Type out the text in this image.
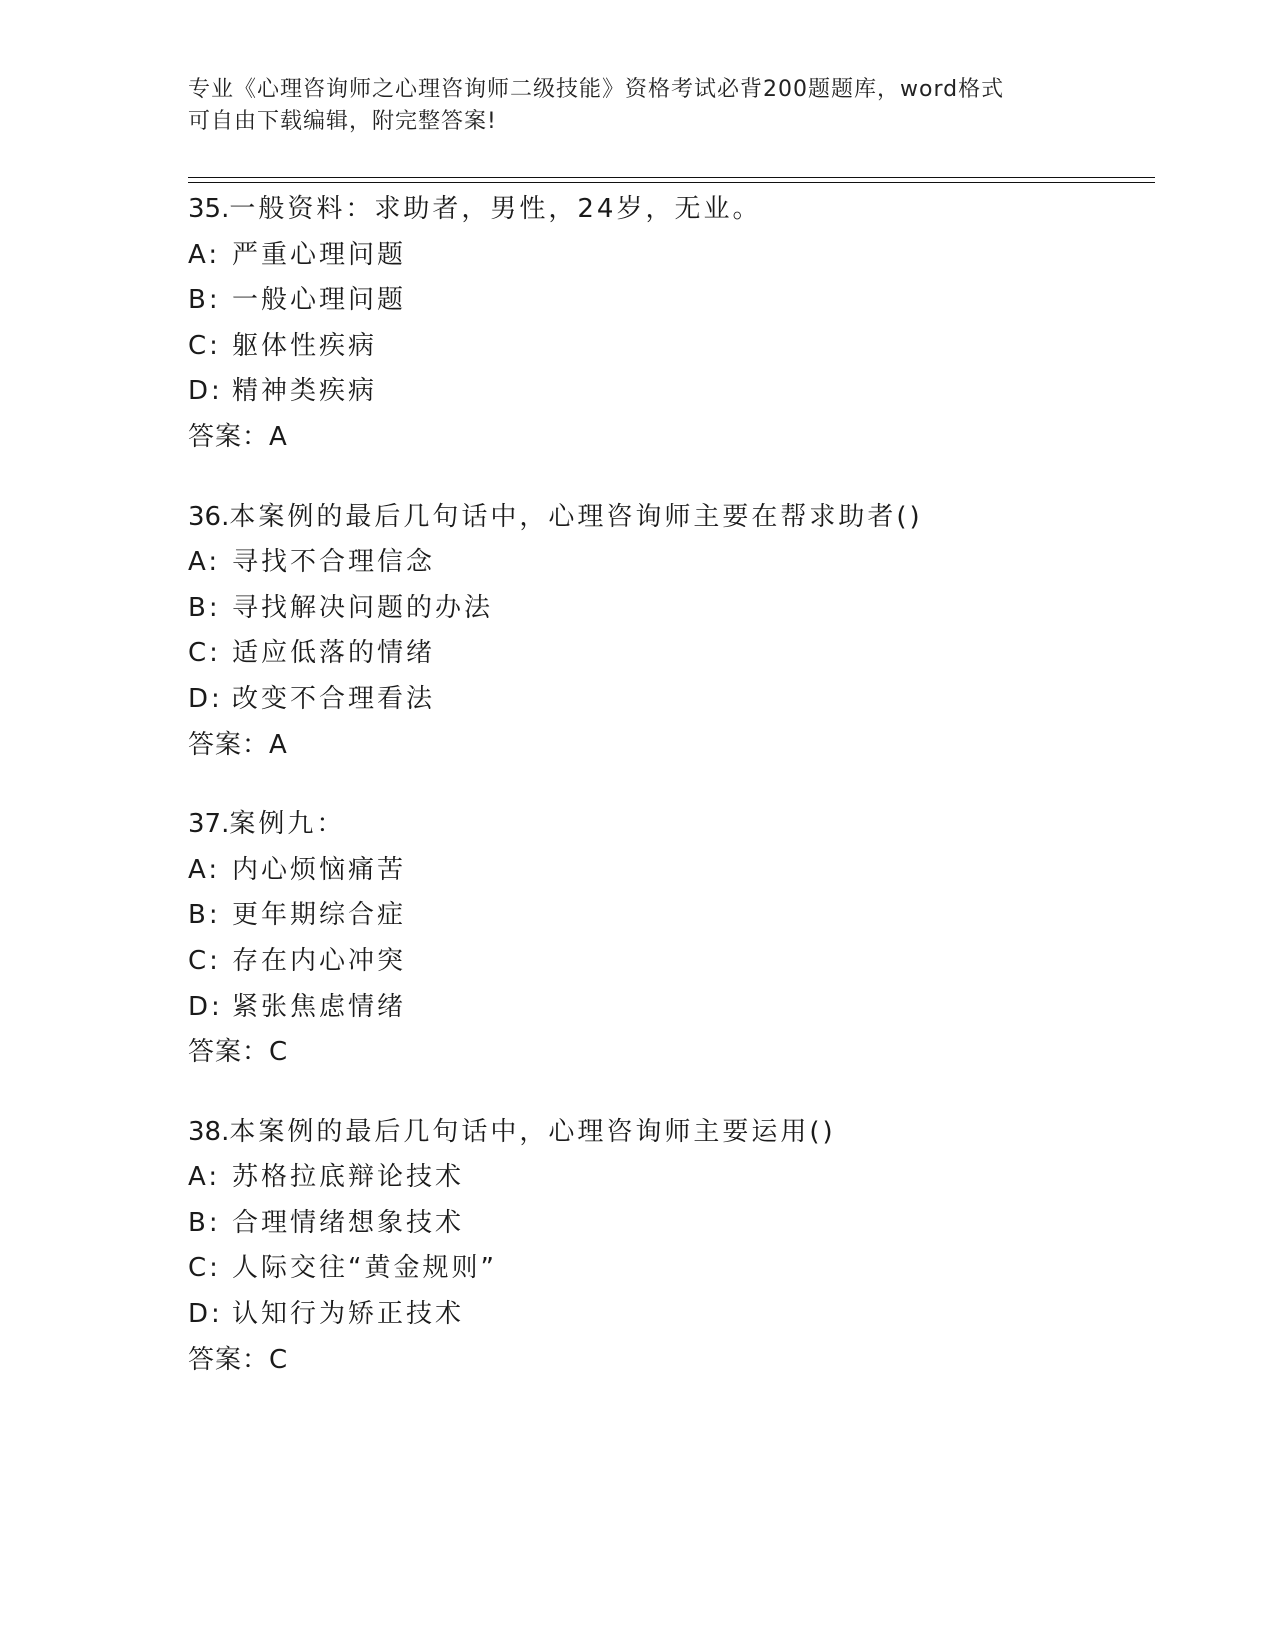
专业《心理咨询师之心理咨询师二级技能》资格考试必背200题题库，word格式
可自由下载编辑，附完整答案!
35.一般资料：求助者，男性，24岁，无业。
A: 严重心理问题
B: 一般心理问题
C: 躯体性疾病
D: 精神类疾病
答案：A
36.本案例的最后几句话中，心理咨询师主要在帮求助者()
A: 寻找不合理信念
B: 寻找解决问题的办法
C: 适应低落的情绪
D: 改变不合理看法
答案：A
37.案例九：
A: 内心烦恼痛苦
B: 更年期综合症
C: 存在内心冲突
D: 紧张焦虑情绪
答案：C
38.本案例的最后几句话中，心理咨询师主要运用()
A: 苏格拉底辩论技术
B: 合理情绪想象技术
C: 人际交往“黄金规则”
D: 认知行为矫正技术
答案：C
